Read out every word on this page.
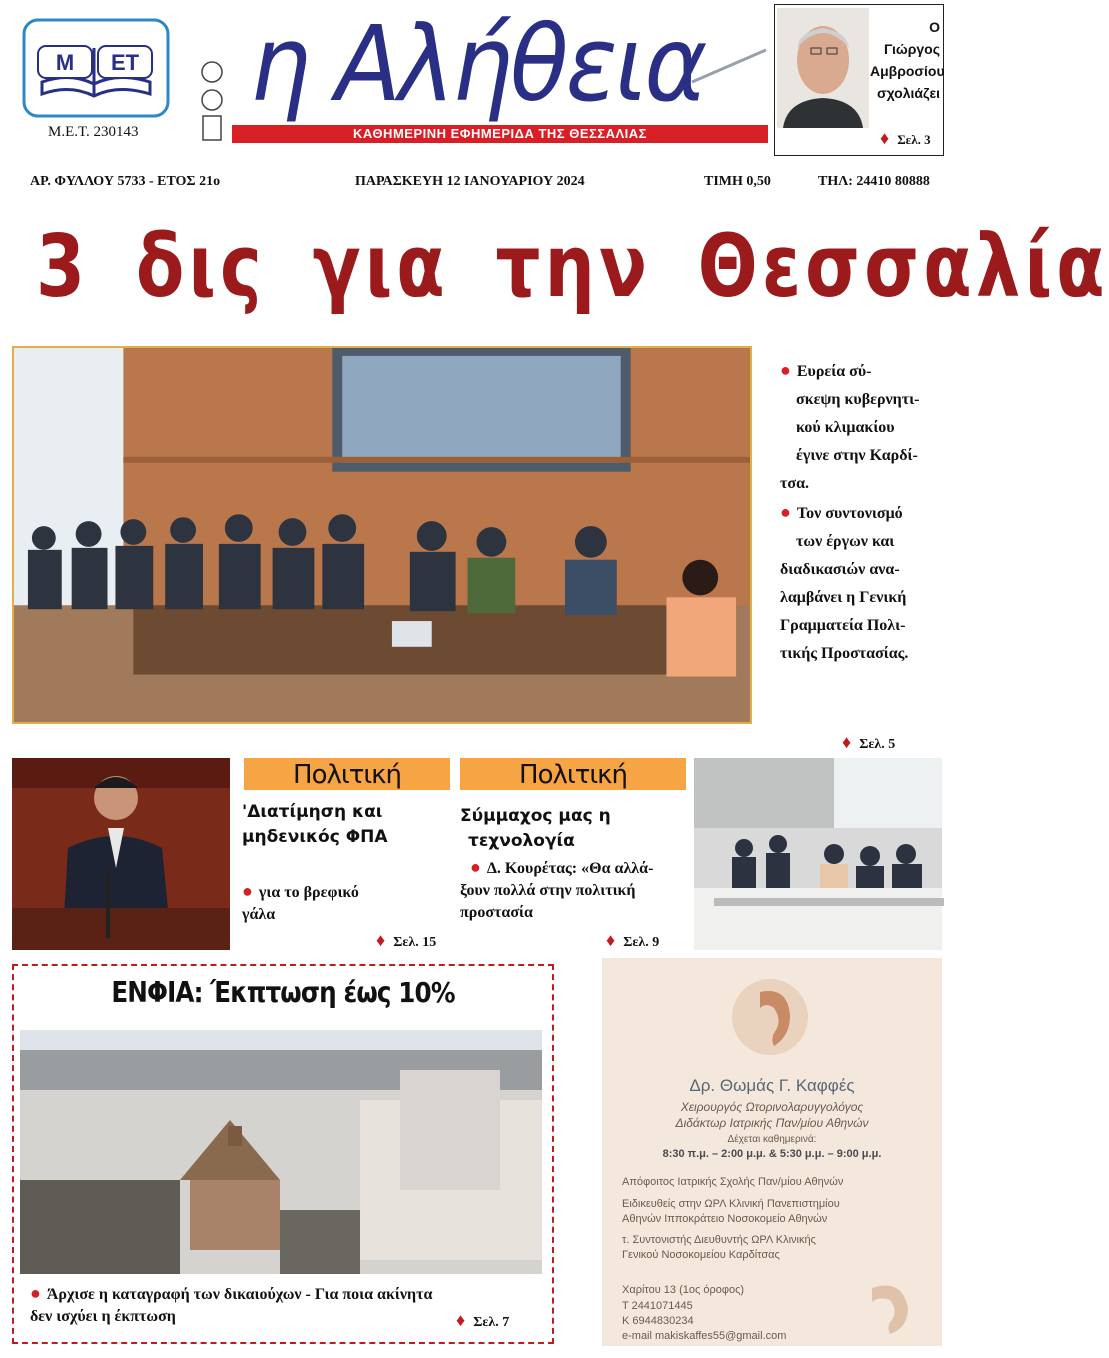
Μ ΕΤ
Μ.Ε.Τ. 230143
η Αλήθεια
ΚΑΘΗΜΕΡΙΝΗ ΕΦΗΜΕΡΙΔΑ ΤΗΣ ΘΕΣΣΑΛΙΑΣ
Ο Γιώργος
Αμβροσίου
σχολιάζει
♦ Σελ. 3
ΑΡ. ΦΥΛΛΟΥ 5733 - ΕΤΟΣ 21ο	ΠΑΡΑΣΚΕΥΗ 12 ΙΑΝΟΥΑΡΙΟΥ 2024	ΤΙΜΗ 0,50	ΤΗΛ: 24410 80888
3 δις για την Θεσσαλία
● Ευρεία σύ-
σκεψη κυβερνητι-
κού κλιμακίου
έγινε στην Καρδί-
τσα.
● Τον συντονισμό
των έργων και
διαδικασιών ανα-
λαμβάνει η Γενική
Γραμματεία Πολι-
τικής Προστασίας.
♦ Σελ. 5
Πολιτική
'Διατίμηση και
μηδενικός ΦΠΑ
● για το βρεφικό
γάλα
♦ Σελ. 15
Πολιτική
Σύμμαχος μας η
τεχνολογία
● Δ. Κουρέτας: «Θα αλλά-
ξουν πολλά στην πολιτική
προστασία
♦ Σελ. 9
ΕΝΦΙΑ: Έκπτωση έως 10%
● Άρχισε η καταγραφή των δικαιούχων - Για ποια ακίνητα
δεν ισχύει η έκπτωση	♦ Σελ. 7
Δρ. Θωμάς Γ. Καφφές
Χειρουργός Ωτορινολαρυγγολόγος
Διδάκτωρ Ιατρικής Παν/μίου Αθηνών
Δέχεται καθημερινά:
8:30 π.μ. – 2:00 μ.μ. & 5:30 μ.μ. – 9:00 μ.μ.
Απόφοιτος Ιατρικής Σχολής Παν/μίου Αθηνών
Ειδικευθείς στην ΩΡΛ Κλινική Πανεπιστημίου
Αθηνών Ιπποκράτειο Νοσοκομείο Αθηνών
τ. Συντονιστής Διευθυντής ΩΡΛ Κλινικής
Γενικού Νοσοκομείου Καρδίτσας
Χαρίτου 13 (1ος όροφος)
Τ 2441071445
Κ 6944830234
e-mail makiskaffes55@gmail.com
